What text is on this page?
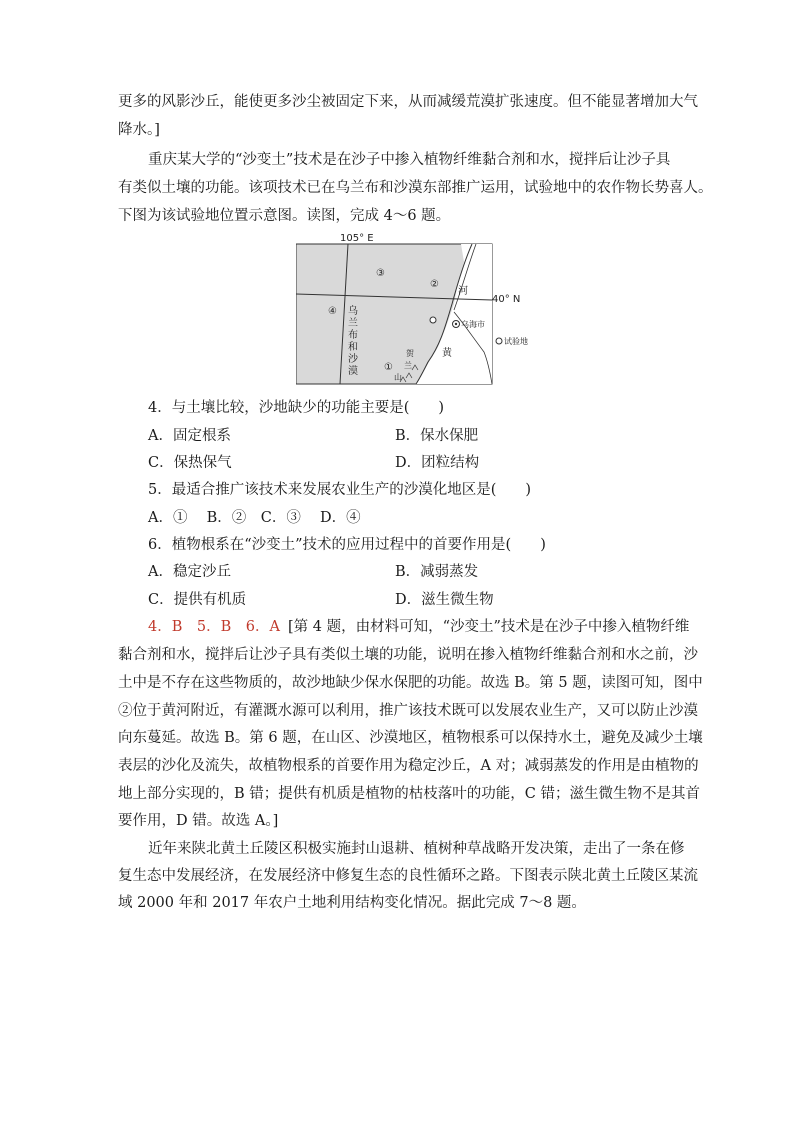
更多的风影沙丘，能使更多沙尘被固定下来，从而减缓荒漠扩张速度。但不能显著增加大气
降水。]
重庆某大学的“沙变土”技术是在沙子中掺入植物纤维黏合剂和水，搅拌后让沙子具
有类似土壤的功能。该项技术已在乌兰布和沙漠东部推广运用，试验地中的农作物长势喜人。
下图为该试验地位置示意图。读图，完成 4～6 题。
105° E
40° N
③
②
④
①
乌
兰
布
和
沙
漠
河
黄
贺
兰
山
乌海市
试验地
4．与土壤比较，沙地缺少的功能主要是(　　)
A．固定根系	B．保水保肥
C．保热保气	D．团粒结构
5．最适合推广该技术来发展农业生产的沙漠化地区是(　　)
A．①　 B．②　C．③　 D．④
6．植物根系在“沙变土”技术的应用过程中的首要作用是(　　)
A．稳定沙丘	B．减弱蒸发
C．提供有机质	D．滋生微生物
4．B　5．B　6．A [第 4 题，由材料可知，“沙变土”技术是在沙子中掺入植物纤维
黏合剂和水，搅拌后让沙子具有类似土壤的功能，说明在掺入植物纤维黏合剂和水之前，沙
土中是不存在这些物质的，故沙地缺少保水保肥的功能。故选 B。第 5 题，读图可知，图中
②位于黄河附近，有灌溉水源可以利用，推广该技术既可以发展农业生产，又可以防止沙漠
向东蔓延。故选 B。第 6 题，在山区、沙漠地区，植物根系可以保持水土，避免及减少土壤
表层的沙化及流失，故植物根系的首要作用为稳定沙丘，A 对；减弱蒸发的作用是由植物的
地上部分实现的，B 错；提供有机质是植物的枯枝落叶的功能，C 错；滋生微生物不是其首
要作用，D 错。故选 A。]
近年来陕北黄土丘陵区积极实施封山退耕、植树种草战略开发决策，走出了一条在修
复生态中发展经济，在发展经济中修复生态的良性循环之路。下图表示陕北黄土丘陵区某流
域 2000 年和 2017 年农户土地利用结构变化情况。据此完成 7～8 题。
